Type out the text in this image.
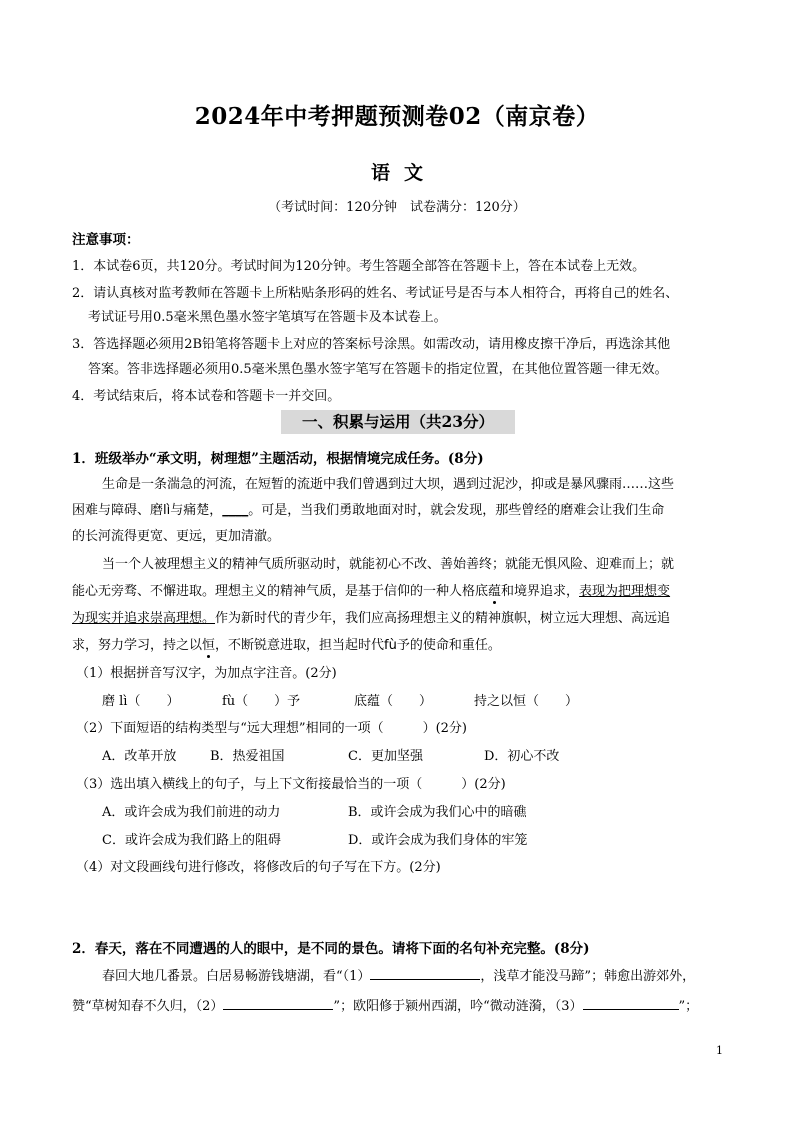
2024年中考押题预测卷02（南京卷）
语文
（考试时间：120分钟　试卷满分：120分）
注意事项：
1．本试卷6页，共120分。考试时间为120分钟。考生答题全部答在答题卡上，答在本试卷上无效。
2．请认真核对监考教师在答题卡上所粘贴条形码的姓名、考试证号是否与本人相符合，再将自己的姓名、
考试证号用0.5毫米黑色墨水签字笔填写在答题卡及本试卷上。
3．答选择题必须用2B铅笔将答题卡上对应的答案标号涂黑。如需改动，请用橡皮擦干净后，再选涂其他
答案。答非选择题必须用0.5毫米黑色墨水签字笔写在答题卡的指定位置，在其他位置答题一律无效。
4．考试结束后，将本试卷和答题卡一并交回。
一、积累与运用（共23分）
1．班级举办“承文明，树理想”主题活动，根据情境完成任务。(8分)
生命是一条湍急的河流，在短暂的流逝中我们曾遇到过大坝，遇到过泥沙，抑或是暴风骤雨……这些
困难与障碍、磨lì与痛楚，____。可是，当我们勇敢地面对时，就会发现，那些曾经的磨难会让我们生命
的长河流得更宽、更远，更加清澈。
当一个人被理想主义的精神气质所驱动时，就能初心不改、善始善终；就能无惧风险、迎难而上；就
能心无旁骛、不懈进取。理想主义的精神气质，是基于信仰的一种人格底蕴和境界追求，表现为把理想变
为现实并追求崇高理想。作为新时代的青少年，我们应高扬理想主义的精神旗帜，树立远大理想、高远追
求，努力学习，持之以恒，不断锐意进取，担当起时代fù予的使命和重任。
（1）根据拼音写汉字，为加点字注音。(2分)
磨 lì（　　）	fù（　　）予	底蕴（　　）	持之以恒（　　）
（2）下面短语的结构类型与“远大理想”相同的一项（　　　）(2分)
A．改革开放	B．热爱祖国	C．更加坚强	D．初心不改
（3）选出填入横线上的句子，与上下文衔接最恰当的一项（　　　）(2分)
A．或许会成为我们前进的动力	B．或许会成为我们心中的暗礁
C．或许会成为我们路上的阻碍	D．或许会成为我们身体的牢笼
（4）对文段画线句进行修改，将修改后的句子写在下方。(2分)
2．春天，落在不同遭遇的人的眼中，是不同的景色。请将下面的名句补充完整。(8分)
春回大地几番景。白居易畅游钱塘湖，看“（1）	，浅草才能没马蹄”；韩愈出游郊外，
赞“草树知春不久归，（2）	”；欧阳修于颍州西湖，吟“微动涟漪，（3）	”；
1
